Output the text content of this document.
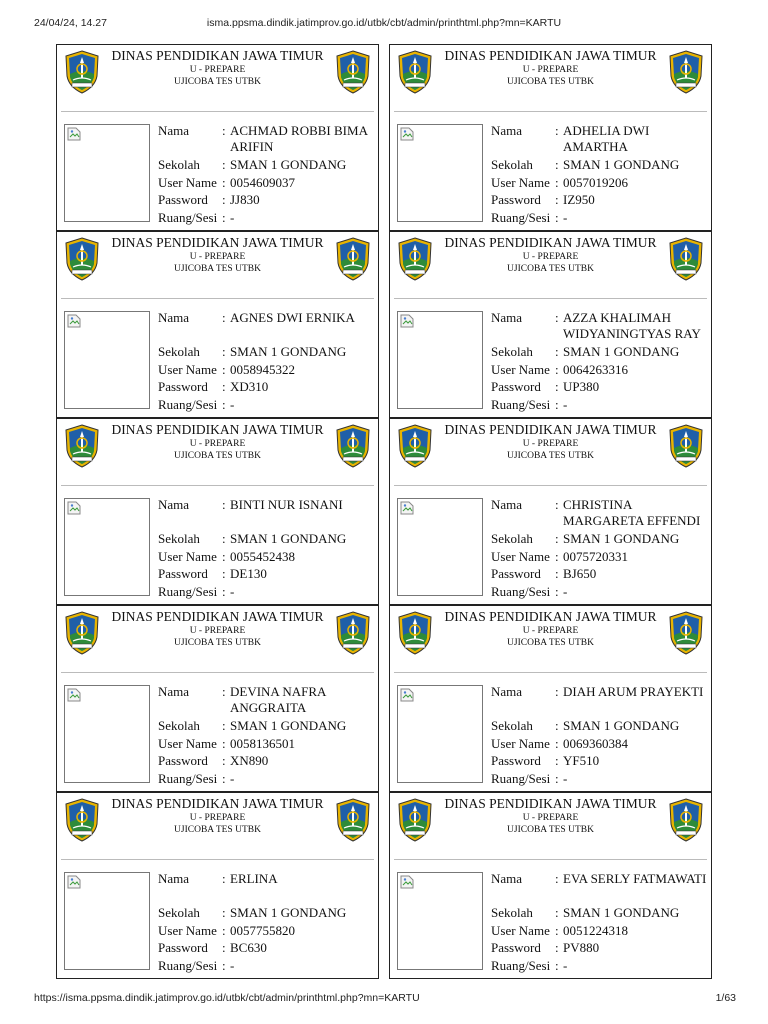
24/04/24, 14.27	isma.ppsma.dindik.jatimprov.go.id/utbk/cbt/admin/printhtml.php?mn=KARTU
DINAS PENDIDIKAN JAWA TIMUR
U - PREPARE
UJICOBA TES UTBK
Nama	: ACHMAD ROBBI BIMA ARIFIN
Sekolah	: SMAN 1 GONDANG
User Name : 0054609037
Password	: JJ830
Ruang/Sesi : -
DINAS PENDIDIKAN JAWA TIMUR
U - PREPARE
UJICOBA TES UTBK
Nama	: ADHELIA DWI AMARTHA
Sekolah	: SMAN 1 GONDANG
User Name : 0057019206
Password	: IZ950
Ruang/Sesi : -
DINAS PENDIDIKAN JAWA TIMUR
U - PREPARE
UJICOBA TES UTBK
Nama	: AGNES DWI ERNIKA
Sekolah	: SMAN 1 GONDANG
User Name : 0058945322
Password	: XD310
Ruang/Sesi : -
DINAS PENDIDIKAN JAWA TIMUR
U - PREPARE
UJICOBA TES UTBK
Nama	: AZZA KHALIMAH WIDYANINGTYAS RAY
Sekolah	: SMAN 1 GONDANG
User Name : 0064263316
Password	: UP380
Ruang/Sesi : -
DINAS PENDIDIKAN JAWA TIMUR
U - PREPARE
UJICOBA TES UTBK
Nama	: BINTI NUR ISNANI
Sekolah	: SMAN 1 GONDANG
User Name : 0055452438
Password	: DE130
Ruang/Sesi : -
DINAS PENDIDIKAN JAWA TIMUR
U - PREPARE
UJICOBA TES UTBK
Nama	: CHRISTINA MARGARETA EFFENDI
Sekolah	: SMAN 1 GONDANG
User Name : 0075720331
Password	: BJ650
Ruang/Sesi : -
DINAS PENDIDIKAN JAWA TIMUR
U - PREPARE
UJICOBA TES UTBK
Nama	: DEVINA NAFRA ANGGRAITA
Sekolah	: SMAN 1 GONDANG
User Name : 0058136501
Password	: XN890
Ruang/Sesi : -
DINAS PENDIDIKAN JAWA TIMUR
U - PREPARE
UJICOBA TES UTBK
Nama	: DIAH ARUM PRAYEKTI
Sekolah	: SMAN 1 GONDANG
User Name : 0069360384
Password	: YF510
Ruang/Sesi : -
DINAS PENDIDIKAN JAWA TIMUR
U - PREPARE
UJICOBA TES UTBK
Nama	: ERLINA
Sekolah	: SMAN 1 GONDANG
User Name : 0057755820
Password	: BC630
Ruang/Sesi : -
DINAS PENDIDIKAN JAWA TIMUR
U - PREPARE
UJICOBA TES UTBK
Nama	: EVA SERLY FATMAWATI
Sekolah	: SMAN 1 GONDANG
User Name : 0051224318
Password	: PV880
Ruang/Sesi : -
https://isma.ppsma.dindik.jatimprov.go.id/utbk/cbt/admin/printhtml.php?mn=KARTU	1/63
